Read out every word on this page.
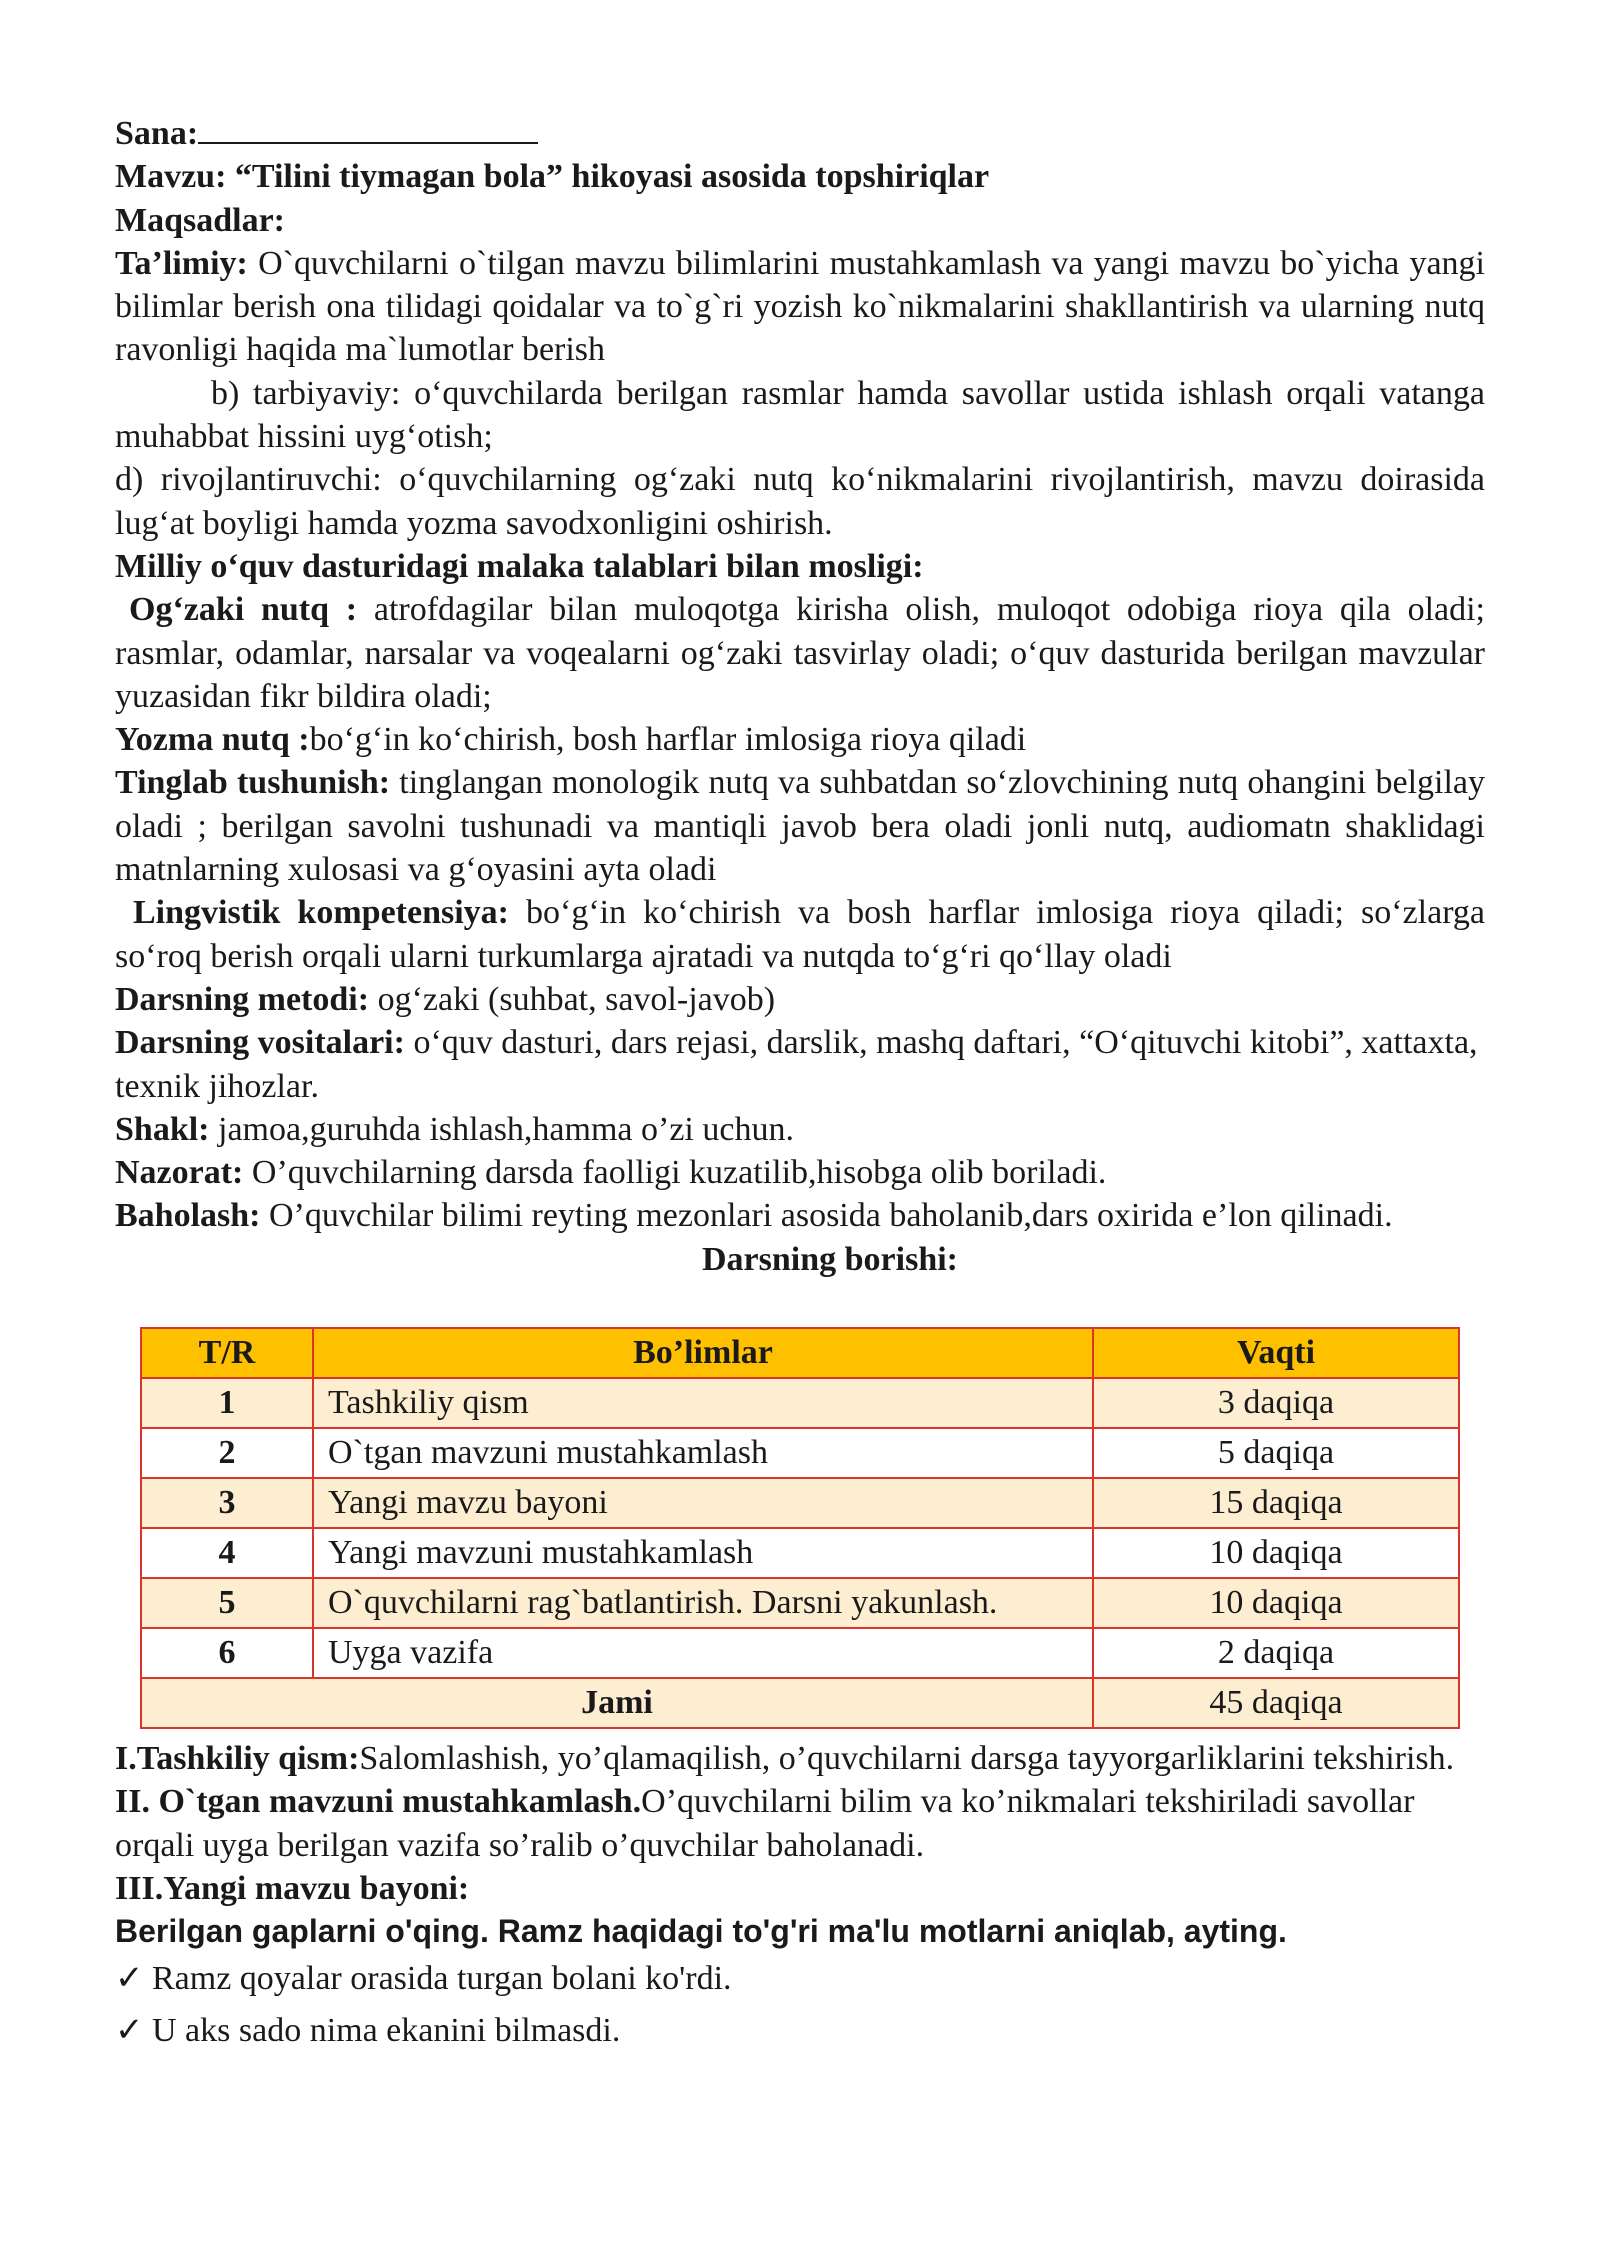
Sana:
Mavzu: “Tilini tiymagan bola” hikoyasi asosida topshiriqlar
Maqsadlar:
Ta’limiy: O`quvchilarni o`tilgan mavzu bilimlarini mustahkamlash va yangi mavzu bo`yicha yangi bilimlar berish ona tilidagi qoidalar va to`g`ri yozish ko`nikmalarini shakllantirish va ularning nutq ravonligi haqida ma`lumotlar berish
b) tarbiyaviy: o‘quvchilarda berilgan rasmlar hamda savollar ustida ishlash orqali vatanga muhabbat hissini uyg‘otish;
d) rivojlantiruvchi: o‘quvchilarning og‘zaki nutq ko‘nikmalarini rivojlantirish, mavzu doirasida lug‘at boyligi hamda yozma savodxonligini oshirish.
Milliy o‘quv dasturidagi malaka talablari bilan mosligi:
Og‘zaki nutq : atrofdagilar bilan muloqotga kirisha olish, muloqot odobiga rioya qila oladi; rasmlar, odamlar, narsalar va voqealarni og‘zaki tasvirlay oladi; o‘quv dasturida berilgan mavzular yuzasidan fikr bildira oladi;
Yozma nutq :bo‘g‘in ko‘chirish, bosh harflar imlosiga rioya qiladi
Tinglab tushunish: tinglangan monologik nutq va suhbatdan so‘zlovchining nutq ohangini belgilay oladi ; berilgan savolni tushunadi va mantiqli javob bera oladi jonli nutq, audiomatn shaklidagi matnlarning xulosasi va g‘oyasini ayta oladi
Lingvistik kompetensiya: bo‘g‘in ko‘chirish va bosh harflar imlosiga rioya qiladi; so‘zlarga so‘roq berish orqali ularni turkumlarga ajratadi va nutqda to‘g‘ri qo‘llay oladi
Darsning metodi: og‘zaki (suhbat, savol-javob)
Darsning vositalari: o‘quv dasturi, dars rejasi, darslik, mashq daftari, “O‘qituvchi kitobi”, xattaxta, texnik jihozlar.
Shakl: jamoa,guruhda ishlash,hamma o’zi uchun.
Nazorat: O’quvchilarning darsda faolligi kuzatilib,hisobga olib boriladi.
Baholash: O’quvchilar bilimi reyting mezonlari asosida baholanib,dars oxirida e’lon qilinadi.
Darsning borishi:
T/R	Bo’limlar	Vaqti
1	Tashkiliy qism	3 daqiqa
2	O`tgan mavzuni mustahkamlash	5 daqiqa
3	Yangi mavzu bayoni	15 daqiqa
4	Yangi mavzuni mustahkamlash	10 daqiqa
5	O`quvchilarni rag`batlantirish. Darsni yakunlash.	10 daqiqa
6	Uyga vazifa	2 daqiqa
Jami		45 daqiqa
I.Tashkiliy qism:Salomlashish, yo’qlamaqilish, o’quvchilarni darsga tayyorgarliklarini tekshirish.
II. O`tgan mavzuni mustahkamlash.O’quvchilarni bilim va ko’nikmalari tekshiriladi savollar orqali uyga berilgan vazifa so’ralib o’quvchilar baholanadi.
III.Yangi mavzu bayoni:
Berilgan gaplarni o'qing. Ramz haqidagi to'g'ri ma'lu motlarni aniqlab, ayting.
✓ Ramz qoyalar orasida turgan bolani ko'rdi.
✓ U aks sado nima ekanini bilmasdi.
